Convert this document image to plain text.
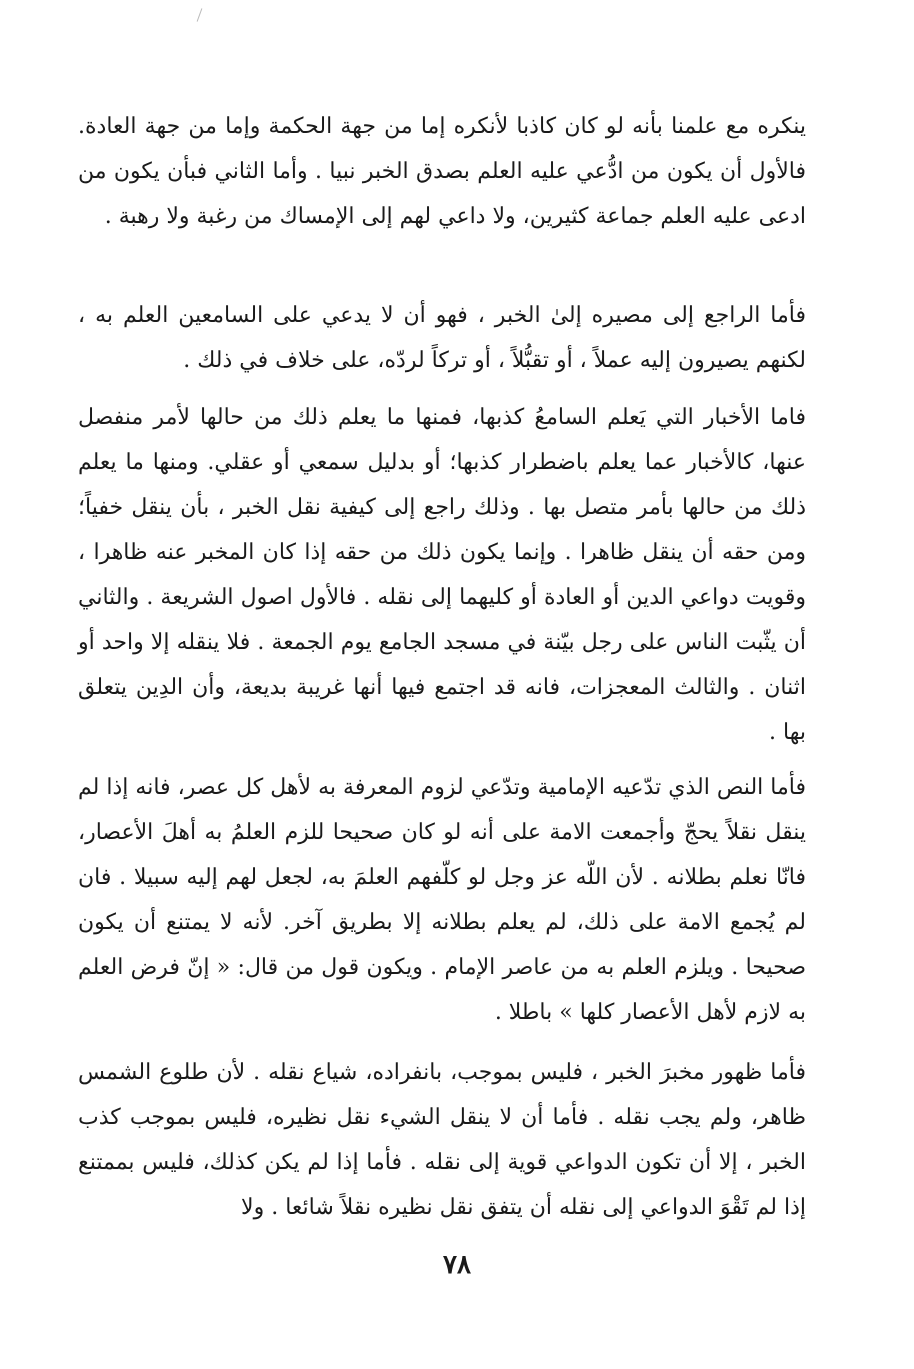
ينكره مع علمنا بأنه لو كان كاذبا لأنكره إما من جهة الحكمة وإما من جهة العادة. فالأول أن يكون من ادُّعي عليه العلم بصدق الخبر نبيا . وأما الثاني فبأن يكون من ادعى عليه العلم جماعة كثيرين، ولا داعي لهم إلى الإمساك من رغبة ولا رهبة .

فأما الراجع إلى مصيره إلىٰ الخبر ، فهو أن لا يدعي على السامعين العلم به ، لكنهم يصيرون إليه عملاً ، أو تقبُّلاً ، أو تركاً لردّه، على خلاف في ذلك .

فاما الأخبار التي يَعلم السامعُ كذبها، فمنها ما يعلم ذلك من حالها لأمر منفصل عنها، كالأخبار عما يعلم باضطرار كذبها؛ أو بدليل سمعي أو عقلي. ومنها ما يعلم ذلك من حالها بأمر متصل بها . وذلك راجع إلى كيفية نقل الخبر ، بأن ينقل خفياً؛ ومن حقه أن ينقل ظاهرا . وإنما يكون ذلك من حقه إذا كان المخبر عنه ظاهرا ، وقويت دواعي الدين أو العادة أو كليهما إلى نقله . فالأول اصول الشريعة . والثاني أن يثّبت الناس على رجل بيّنة في مسجد الجامع يوم الجمعة . فلا ينقله إلا واحد أو اثنان . والثالث المعجزات، فانه قد اجتمع فيها أنها غريبة بديعة، وأن الدِين يتعلق بها .

فأما النص الذي تدّعيه الإمامية وتدّعي لزوم المعرفة به لأهل كل عصر، فانه إذا لم ينقل نقلاً يحجّ وأجمعت الامة على أنه لو كان صحيحا للزم العلمُ به أهلَ الأعصار، فانّا نعلم بطلانه . لأن اللّه عز وجل لو كلّفهم العلمَ به، لجعل لهم إليه سبيلا . فان لم يُجمع الامة على ذلك، لم يعلم بطلانه إلا بطريق آخر. لأنه لا يمتنع أن يكون صحيحا . ويلزم العلم به من عاصر الإمام . ويكون قول من قال: « إنّ فرض العلم به لازم لأهل الأعصار كلها » باطلا .

فأما ظهور مخبرَ الخبر ، فليس بموجب، بانفراده، شياع نقله . لأن طلوع الشمس ظاهر، ولم يجب نقله . فأما أن لا ينقل الشيء نقل نظيره، فليس بموجب كذب الخبر ، إلا أن تكون الدواعي قوية إلى نقله . فأما إذا لم يكن كذلك، فليس بممتنع إذا لم تَقْوَ الدواعي إلى نقله أن يتفق نقل نظيره نقلاً شائعا . ولا

٧٨
